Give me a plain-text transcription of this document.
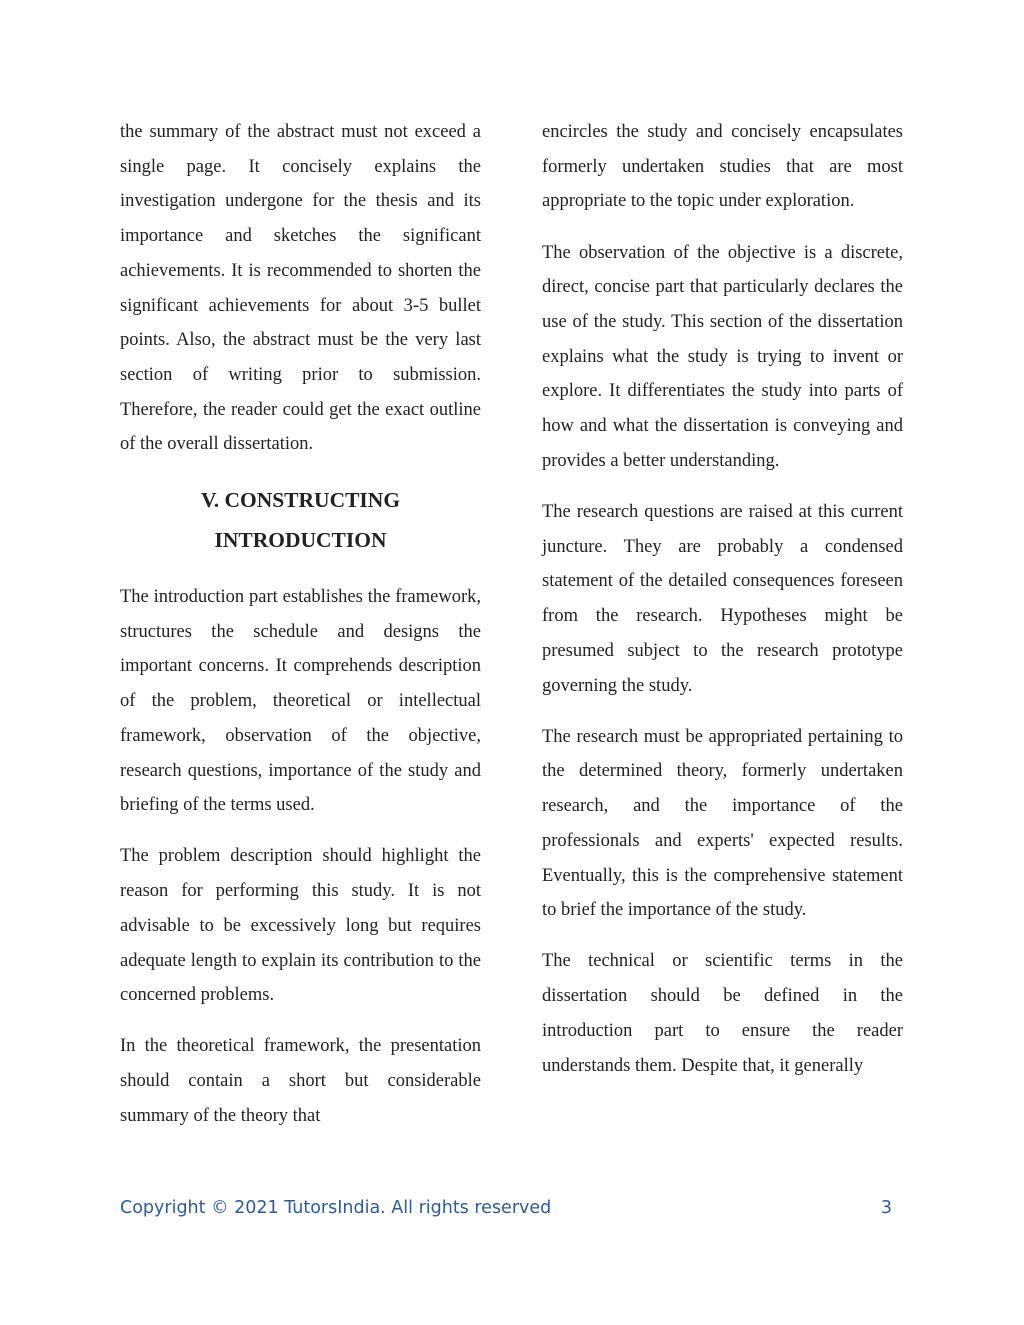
the summary of the abstract must not exceed a single page. It concisely explains the investigation undergone for the thesis and its importance and sketches the significant achievements. It is recommended to shorten the significant achievements for about 3-5 bullet points. Also, the abstract must be the very last section of writing prior to submission. Therefore, the reader could get the exact outline of the overall dissertation.

V. CONSTRUCTING
INTRODUCTION

The introduction part establishes the framework, structures the schedule and designs the important concerns. It comprehends description of the problem, theoretical or intellectual framework, observation of the objective, research questions, importance of the study and briefing of the terms used.

The problem description should highlight the reason for performing this study. It is not advisable to be excessively long but requires adequate length to explain its contribution to the concerned problems.

In the theoretical framework, the presentation should contain a short but considerable summary of the theory that

encircles the study and concisely encapsulates formerly undertaken studies that are most appropriate to the topic under exploration.

The observation of the objective is a discrete, direct, concise part that particularly declares the use of the study. This section of the dissertation explains what the study is trying to invent or explore. It differentiates the study into parts of how and what the dissertation is conveying and provides a better understanding.

The research questions are raised at this current juncture. They are probably a condensed statement of the detailed consequences foreseen from the research. Hypotheses might be presumed subject to the research prototype governing the study.

The research must be appropriated pertaining to the determined theory, formerly undertaken research, and the importance of the professionals and experts' expected results. Eventually, this is the comprehensive statement to brief the importance of the study.

The technical or scientific terms in the dissertation should be defined in the introduction part to ensure the reader understands them. Despite that, it generally

Copyright © 2021 TutorsIndia. All rights reserved	3
